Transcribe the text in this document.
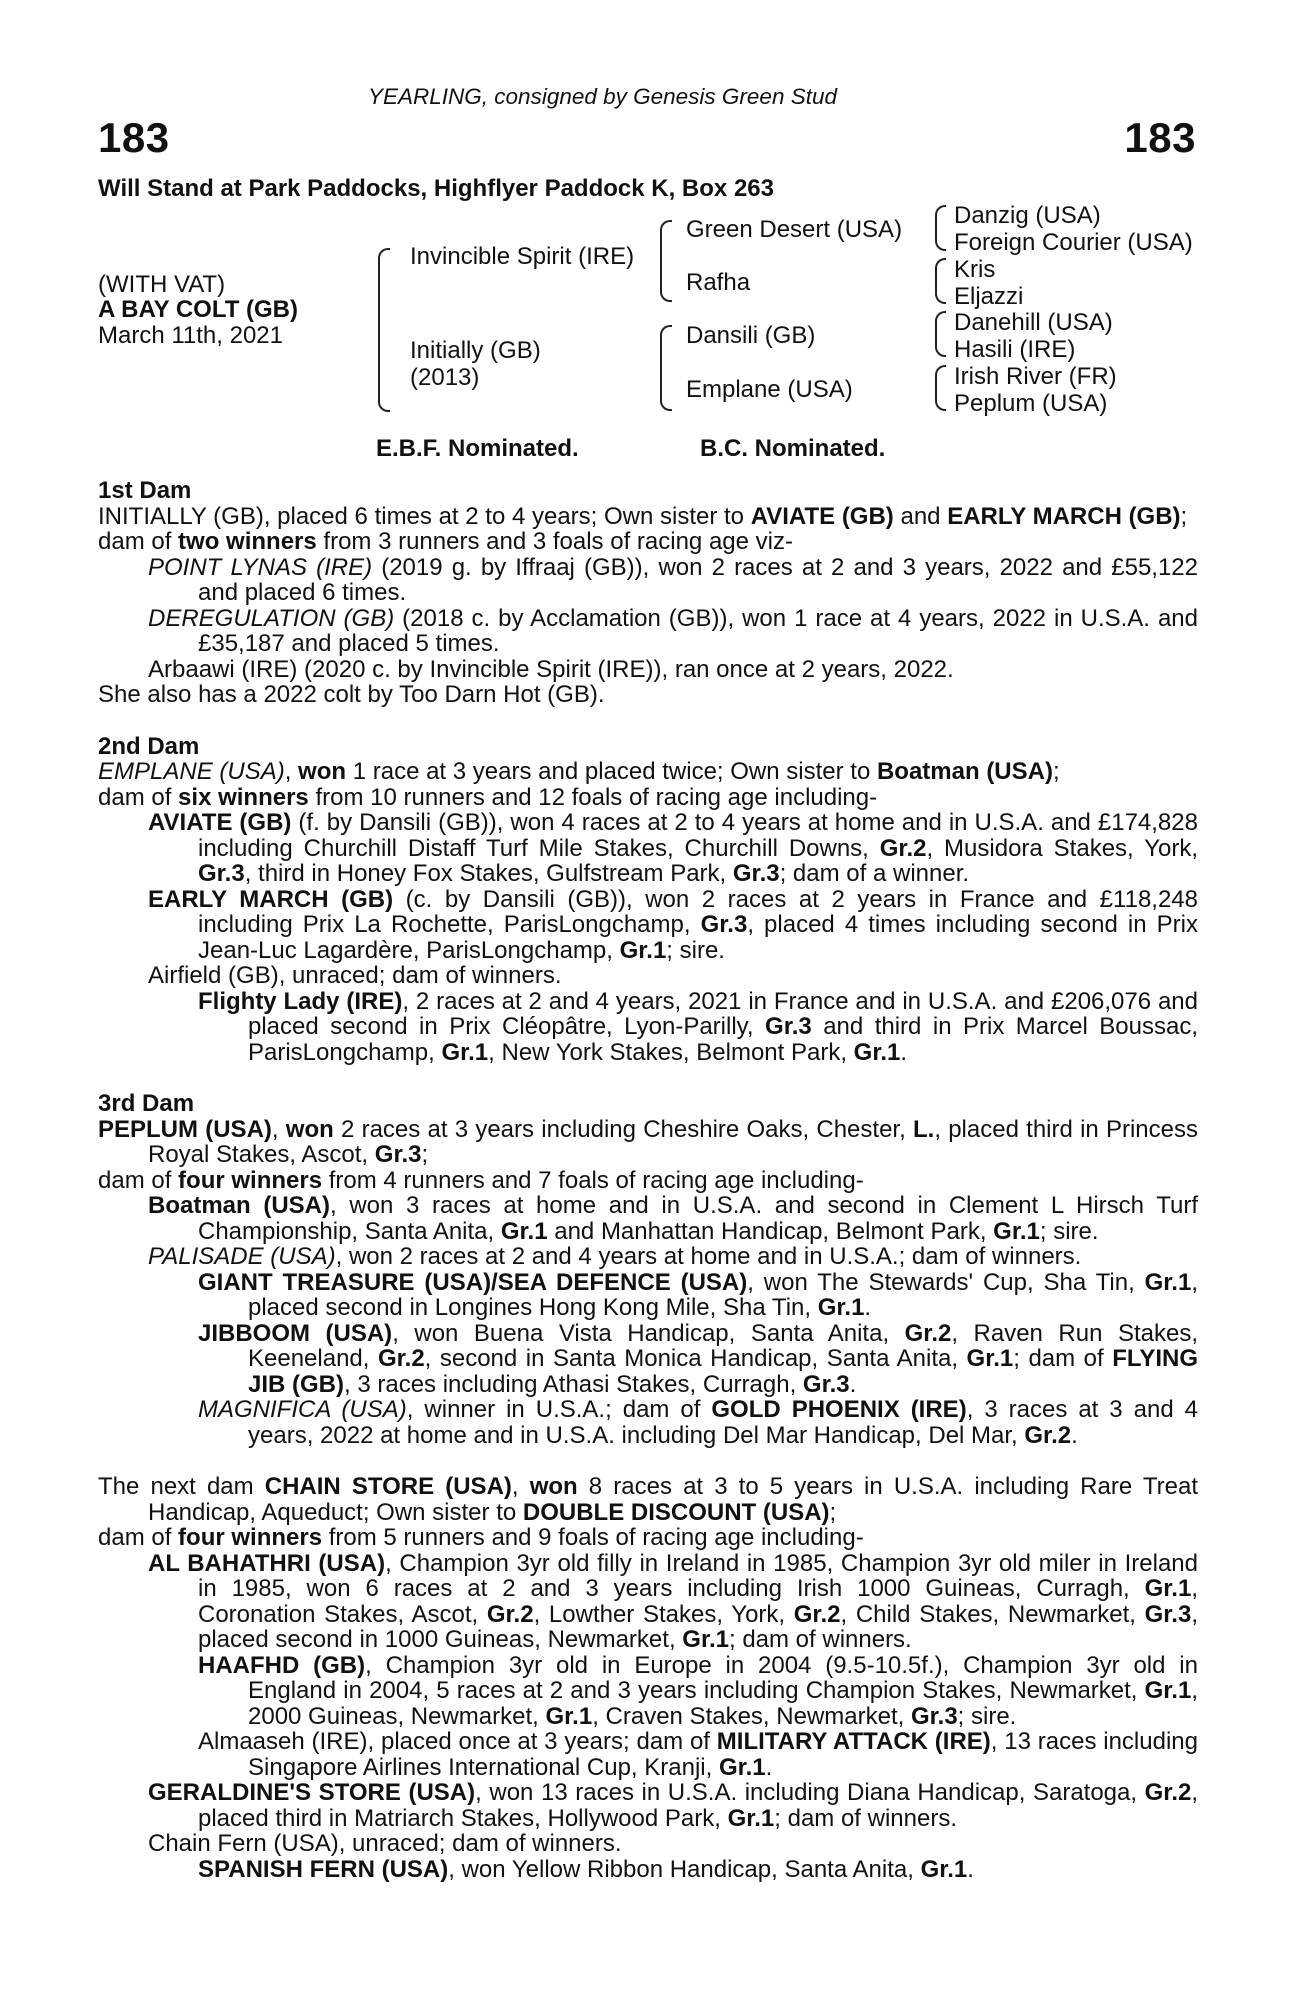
YEARLING, consigned by Genesis Green Stud
183	183
Will Stand at Park Paddocks, Highflyer Paddock K, Box 263
(WITH VAT)
A BAY COLT (GB)
March 11th, 2021
Invincible Spirit (IRE)
Initially (GB)
(2013)
Green Desert (USA)
Rafha
Dansili (GB)
Emplane (USA)
Danzig (USA)
Foreign Courier (USA)
Kris
Eljazzi
Danehill (USA)
Hasili (IRE)
Irish River (FR)
Peplum (USA)
E.B.F. Nominated.	B.C. Nominated.
1st Dam
INITIALLY (GB), placed 6 times at 2 to 4 years; Own sister to AVIATE (GB) and EARLY MARCH (GB);
dam of two winners from 3 runners and 3 foals of racing age viz-
POINT LYNAS (IRE) (2019 g. by Iffraaj (GB)), won 2 races at 2 and 3 years, 2022 and £55,122 and placed 6 times.
DEREGULATION (GB) (2018 c. by Acclamation (GB)), won 1 race at 4 years, 2022 in U.S.A. and £35,187 and placed 5 times.
Arbaawi (IRE) (2020 c. by Invincible Spirit (IRE)), ran once at 2 years, 2022.
She also has a 2022 colt by Too Darn Hot (GB).
2nd Dam
EMPLANE (USA), won 1 race at 3 years and placed twice; Own sister to Boatman (USA);
dam of six winners from 10 runners and 12 foals of racing age including-
AVIATE (GB) (f. by Dansili (GB)), won 4 races at 2 to 4 years at home and in U.S.A. and £174,828 including Churchill Distaff Turf Mile Stakes, Churchill Downs, Gr.2, Musidora Stakes, York, Gr.3, third in Honey Fox Stakes, Gulfstream Park, Gr.3; dam of a winner.
EARLY MARCH (GB) (c. by Dansili (GB)), won 2 races at 2 years in France and £118,248 including Prix La Rochette, ParisLongchamp, Gr.3, placed 4 times including second in Prix Jean-Luc Lagardère, ParisLongchamp, Gr.1; sire.
Airfield (GB), unraced; dam of winners.
Flighty Lady (IRE), 2 races at 2 and 4 years, 2021 in France and in U.S.A. and £206,076 and placed second in Prix Cléopâtre, Lyon-Parilly, Gr.3 and third in Prix Marcel Boussac, ParisLongchamp, Gr.1, New York Stakes, Belmont Park, Gr.1.
3rd Dam
PEPLUM (USA), won 2 races at 3 years including Cheshire Oaks, Chester, L., placed third in Princess Royal Stakes, Ascot, Gr.3;
dam of four winners from 4 runners and 7 foals of racing age including-
Boatman (USA), won 3 races at home and in U.S.A. and second in Clement L Hirsch Turf Championship, Santa Anita, Gr.1 and Manhattan Handicap, Belmont Park, Gr.1; sire.
PALISADE (USA), won 2 races at 2 and 4 years at home and in U.S.A.; dam of winners.
GIANT TREASURE (USA)/SEA DEFENCE (USA), won The Stewards' Cup, Sha Tin, Gr.1, placed second in Longines Hong Kong Mile, Sha Tin, Gr.1.
JIBBOOM (USA), won Buena Vista Handicap, Santa Anita, Gr.2, Raven Run Stakes, Keeneland, Gr.2, second in Santa Monica Handicap, Santa Anita, Gr.1; dam of FLYING JIB (GB), 3 races including Athasi Stakes, Curragh, Gr.3.
MAGNIFICA (USA), winner in U.S.A.; dam of GOLD PHOENIX (IRE), 3 races at 3 and 4 years, 2022 at home and in U.S.A. including Del Mar Handicap, Del Mar, Gr.2.
The next dam CHAIN STORE (USA), won 8 races at 3 to 5 years in U.S.A. including Rare Treat Handicap, Aqueduct; Own sister to DOUBLE DISCOUNT (USA);
dam of four winners from 5 runners and 9 foals of racing age including-
AL BAHATHRI (USA), Champion 3yr old filly in Ireland in 1985, Champion 3yr old miler in Ireland in 1985, won 6 races at 2 and 3 years including Irish 1000 Guineas, Curragh, Gr.1, Coronation Stakes, Ascot, Gr.2, Lowther Stakes, York, Gr.2, Child Stakes, Newmarket, Gr.3, placed second in 1000 Guineas, Newmarket, Gr.1; dam of winners.
HAAFHD (GB), Champion 3yr old in Europe in 2004 (9.5-10.5f.), Champion 3yr old in England in 2004, 5 races at 2 and 3 years including Champion Stakes, Newmarket, Gr.1, 2000 Guineas, Newmarket, Gr.1, Craven Stakes, Newmarket, Gr.3; sire.
Almaaseh (IRE), placed once at 3 years; dam of MILITARY ATTACK (IRE), 13 races including Singapore Airlines International Cup, Kranji, Gr.1.
GERALDINE'S STORE (USA), won 13 races in U.S.A. including Diana Handicap, Saratoga, Gr.2, placed third in Matriarch Stakes, Hollywood Park, Gr.1; dam of winners.
Chain Fern (USA), unraced; dam of winners.
SPANISH FERN (USA), won Yellow Ribbon Handicap, Santa Anita, Gr.1.
